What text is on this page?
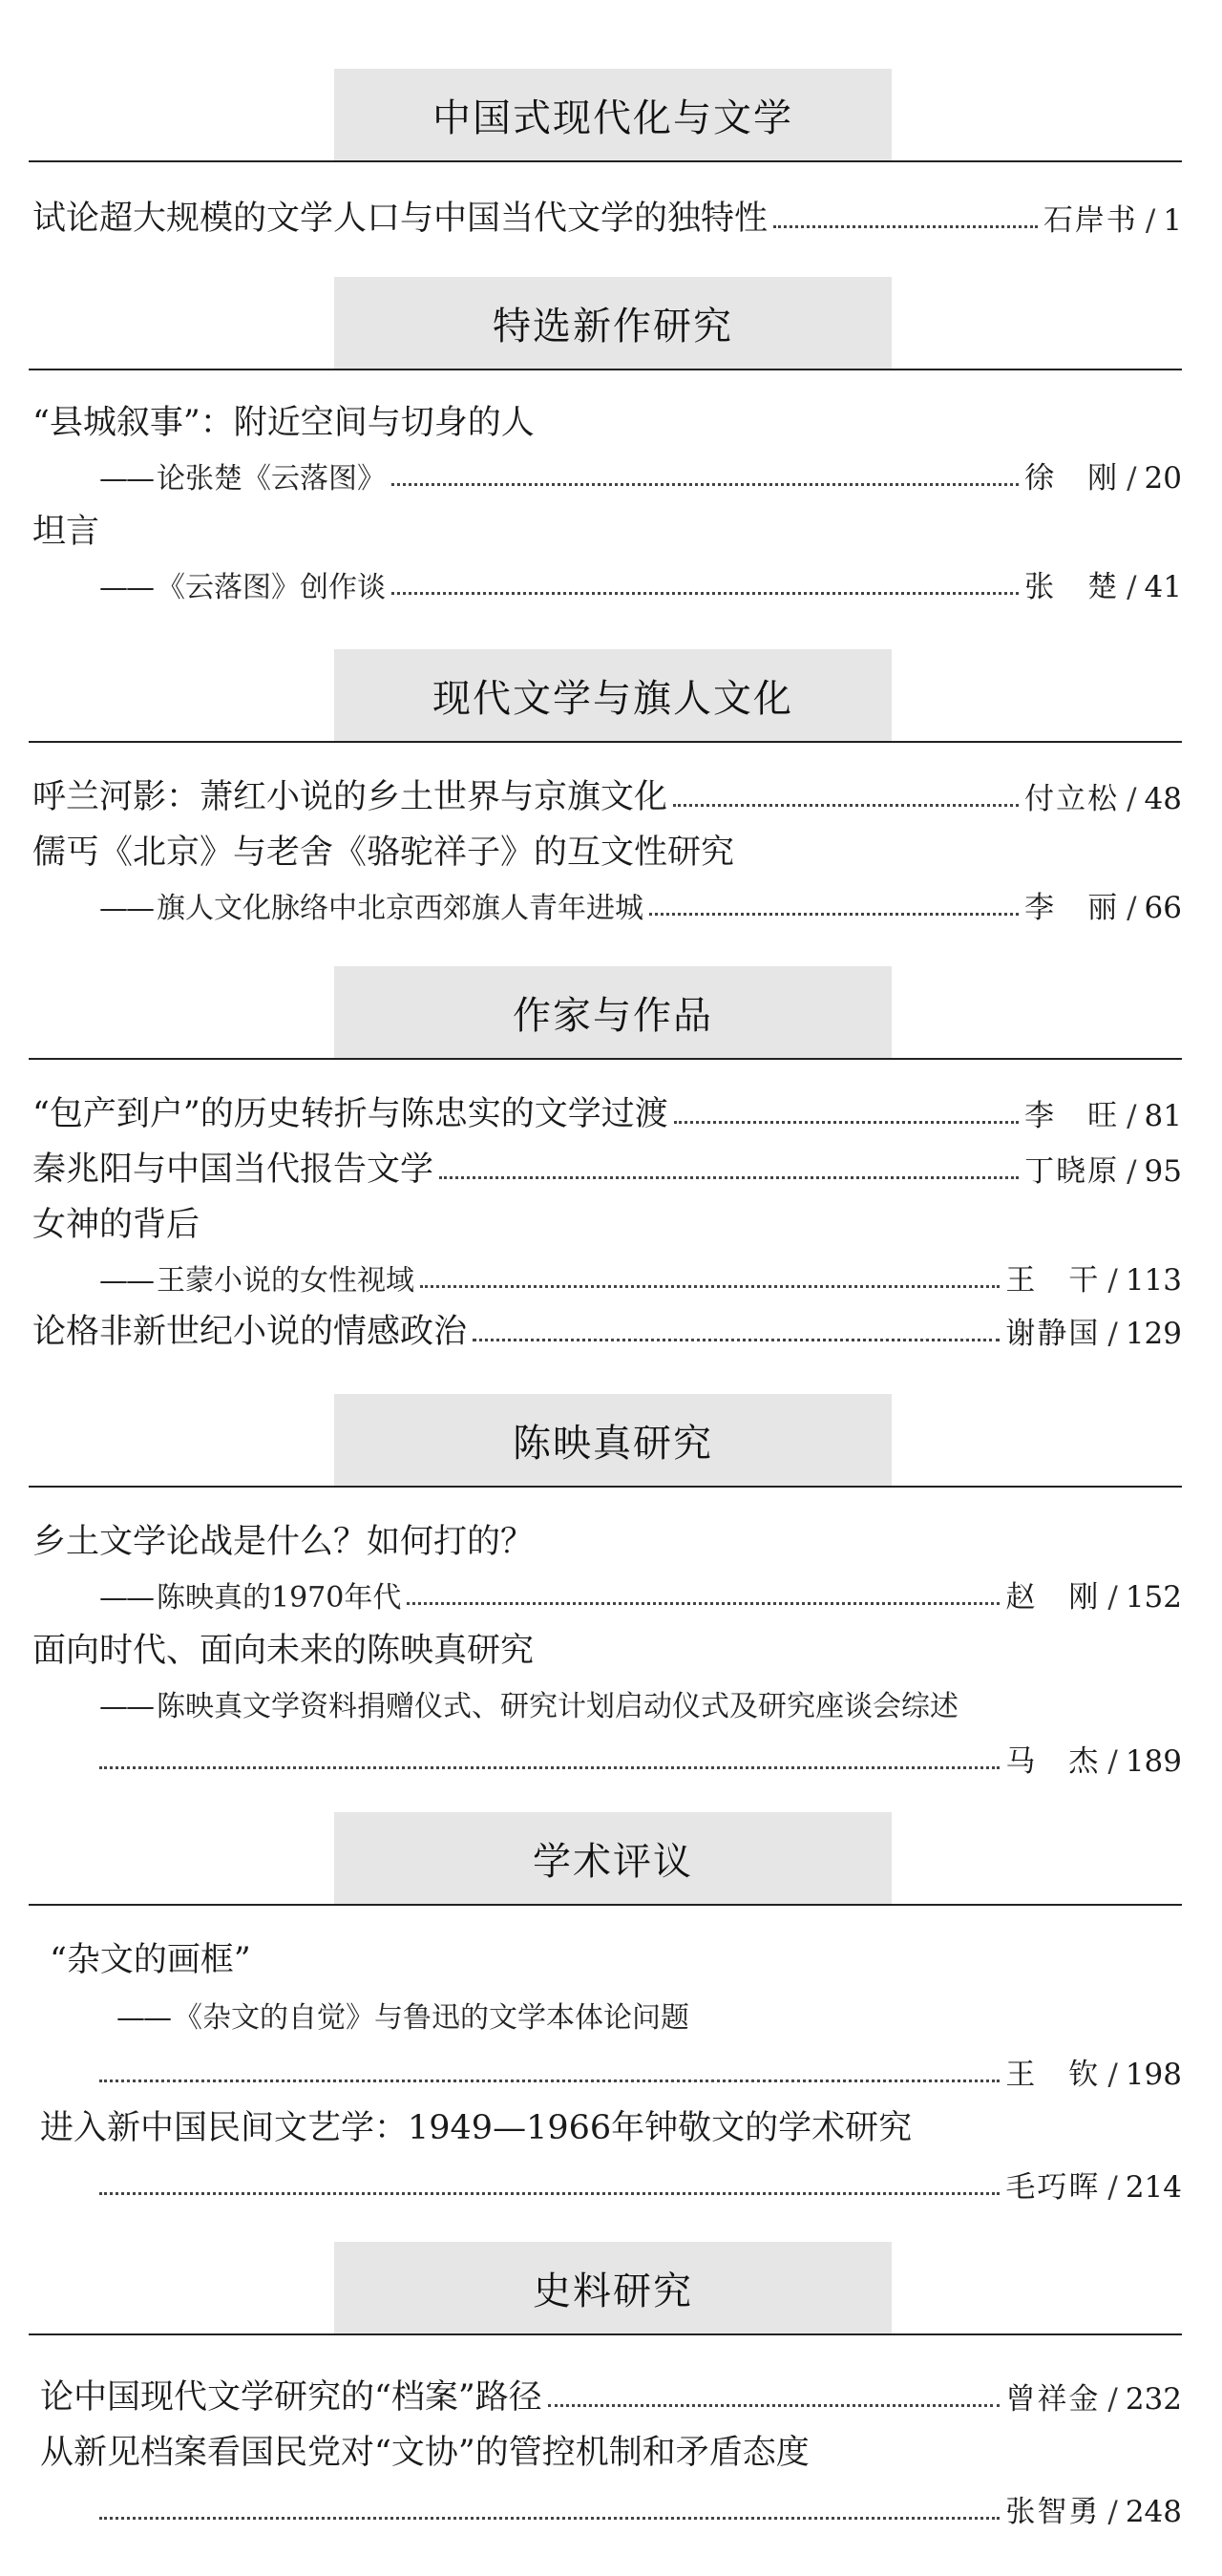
中国式现代化与文学
试论超大规模的文学人口与中国当代文学的独特性	石岸书 / 1
特选新作研究
“县城叙事”：附近空间与切身的人
—— 论张楚《云落图》	徐　刚 / 20
坦言
—— 《云落图》创作谈	张　楚 / 41
现代文学与旗人文化
呼兰河影：萧红小说的乡土世界与京旗文化	付立松 / 48
儒丐《北京》与老舍《骆驼祥子》的互文性研究
—— 旗人文化脉络中北京西郊旗人青年进城	李　丽 / 66
作家与作品
“包产到户”的历史转折与陈忠实的文学过渡	李　旺 / 81
秦兆阳与中国当代报告文学	丁晓原 / 95
女神的背后
—— 王蒙小说的女性视域	王　干 / 113
论格非新世纪小说的情感政治	谢静国 / 129
陈映真研究
乡土文学论战是什么？如何打的？
—— 陈映真的1970年代	赵　刚 / 152
面向时代、面向未来的陈映真研究
—— 陈映真文学资料捐赠仪式、研究计划启动仪式及研究座谈会综述
马　杰 / 189
学术评议
“杂文的画框”
—— 《杂文的自觉》与鲁迅的文学本体论问题
王　钦 / 198
进入新中国民间文艺学：1949—1966年钟敬文的学术研究
毛巧晖 / 214
史料研究
论中国现代文学研究的“档案”路径	曾祥金 / 232
从新见档案看国民党对“文协”的管控机制和矛盾态度
张智勇 / 248
